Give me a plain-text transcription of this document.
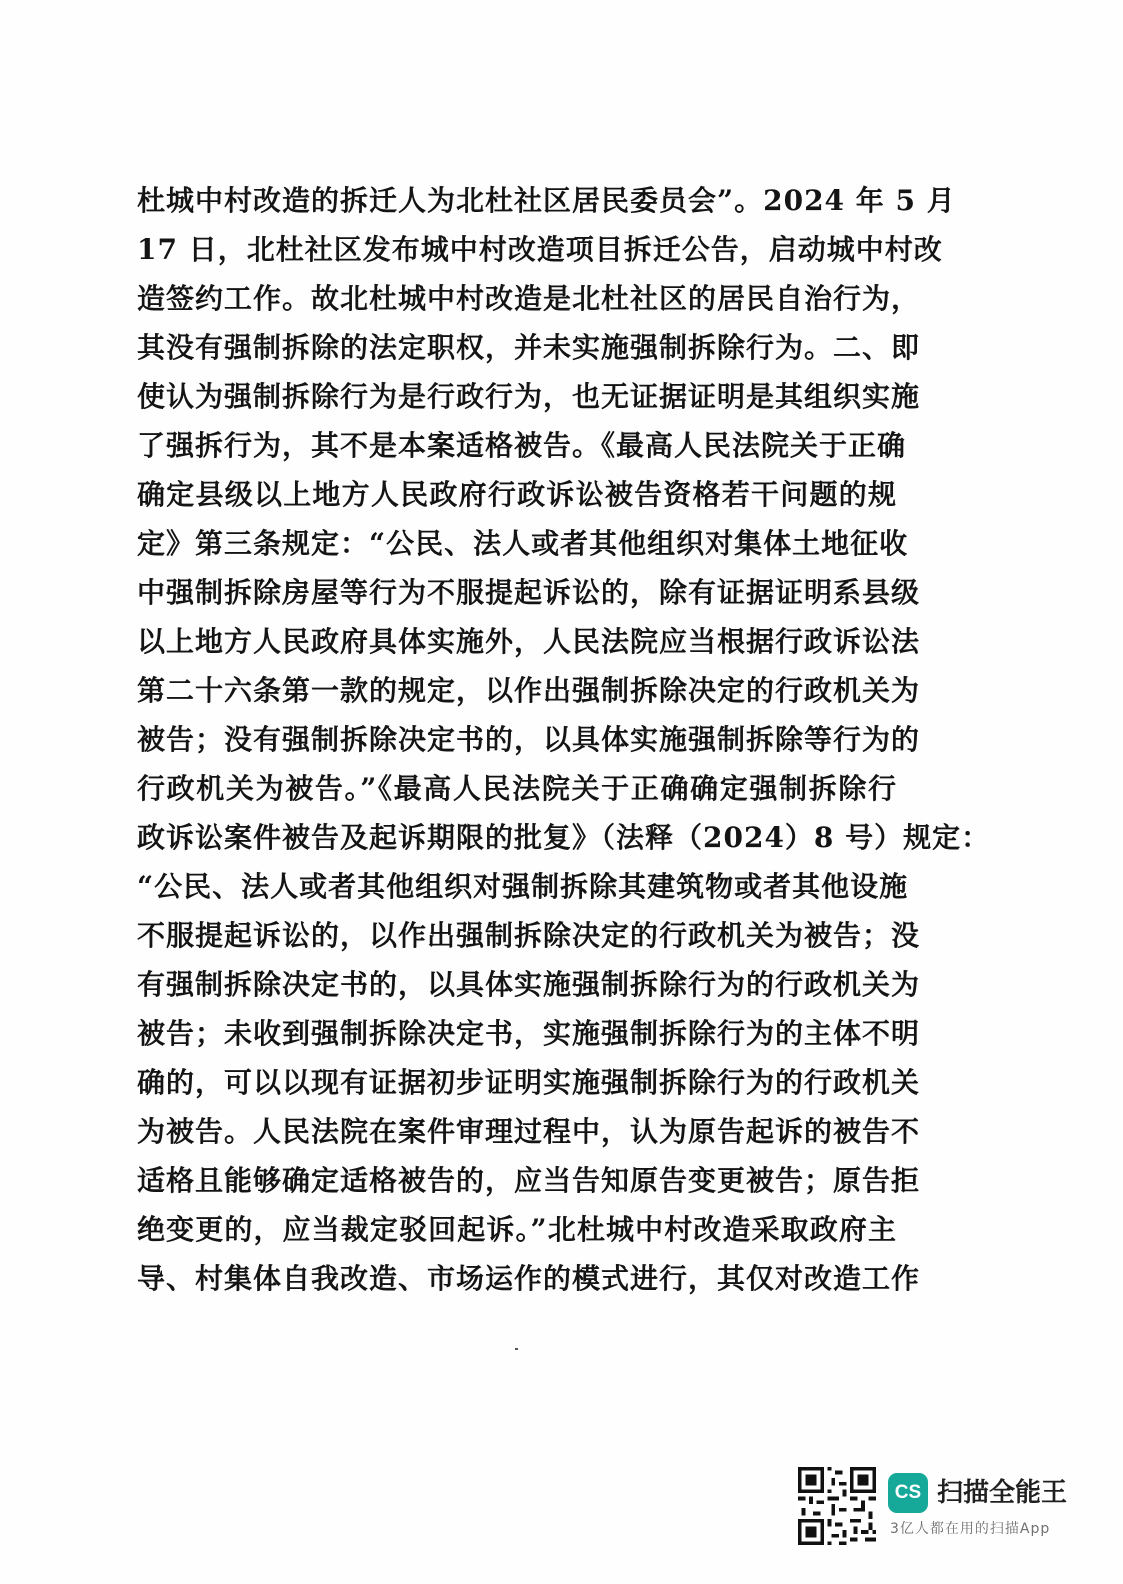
杜城中村改造的拆迁人为北杜社区居民委员会”。2024 年 5 月
17 日，北杜社区发布城中村改造项目拆迁公告，启动城中村改
造签约工作。故北杜城中村改造是北杜社区的居民自治行为，
其没有强制拆除的法定职权，并未实施强制拆除行为。二、即
使认为强制拆除行为是行政行为，也无证据证明是其组织实施
了强拆行为，其不是本案适格被告。《最高人民法院关于正确
确定县级以上地方人民政府行政诉讼被告资格若干问题的规
定》第三条规定：“公民、法人或者其他组织对集体土地征收
中强制拆除房屋等行为不服提起诉讼的，除有证据证明系县级
以上地方人民政府具体实施外，人民法院应当根据行政诉讼法
第二十六条第一款的规定，以作出强制拆除决定的行政机关为
被告；没有强制拆除决定书的，以具体实施强制拆除等行为的
行政机关为被告。”《最高人民法院关于正确确定强制拆除行
政诉讼案件被告及起诉期限的批复》（法释（2024）8 号）规定：
“公民、法人或者其他组织对强制拆除其建筑物或者其他设施
不服提起诉讼的，以作出强制拆除决定的行政机关为被告；没
有强制拆除决定书的，以具体实施强制拆除行为的行政机关为
被告；未收到强制拆除决定书，实施强制拆除行为的主体不明
确的，可以以现有证据初步证明实施强制拆除行为的行政机关
为被告。人民法院在案件审理过程中，认为原告起诉的被告不
适格且能够确定适格被告的，应当告知原告变更被告；原告拒
绝变更的，应当裁定驳回起诉。”北杜城中村改造采取政府主
导、村集体自我改造、市场运作的模式进行，其仅对改造工作
CS 扫描全能王
3亿人都在用的扫描App
